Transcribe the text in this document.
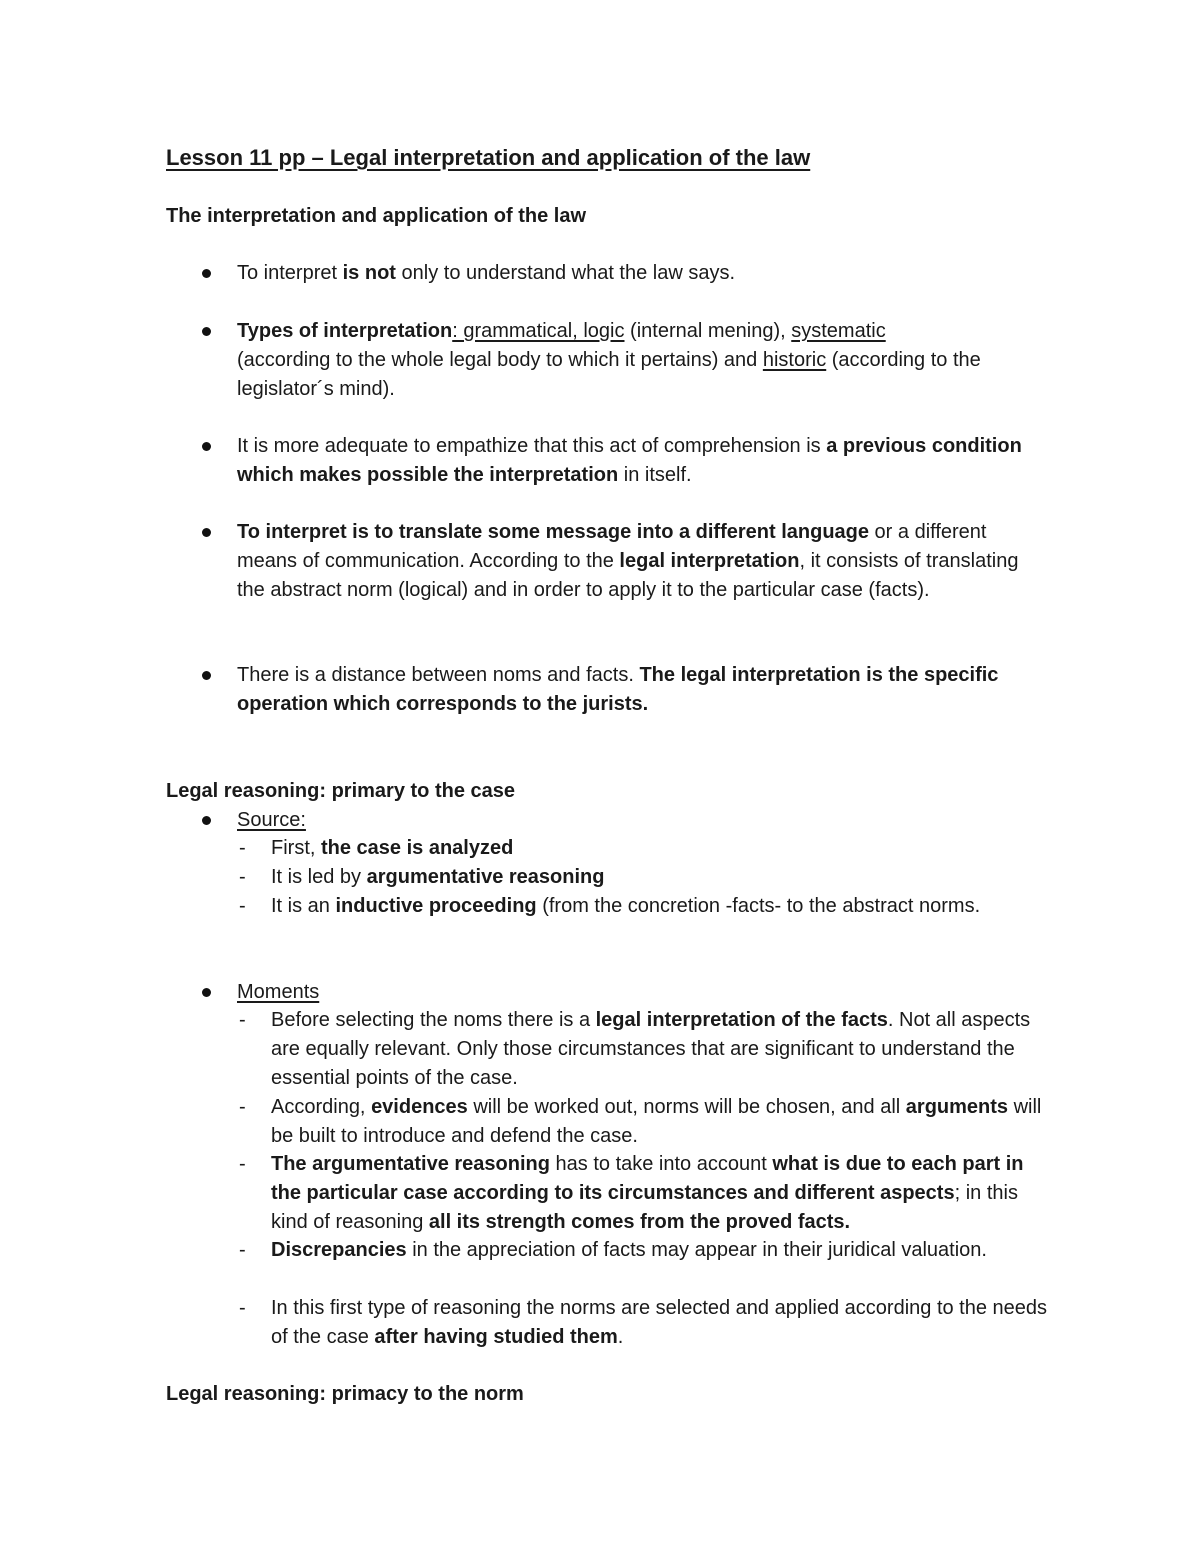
Lesson 11 pp – Legal interpretation and application of the law
The interpretation and application of the law
To interpret is not only to understand what the law says.
Types of interpretation: grammatical, logic (internal mening), systematic
(according to the whole legal body to which it pertains) and historic (according to the legislator´s mind).
It is more adequate to empathize that this act of comprehension is a previous condition which makes possible the interpretation in itself.
To interpret is to translate some message into a different language or a different means of communication. According to the legal interpretation, it consists of translating the abstract norm (logical) and in order to apply it to the particular case (facts).
There is a distance between noms and facts. The legal interpretation is the specific operation which corresponds to the jurists.
Legal reasoning: primary to the case
Source:
- First, the case is analyzed
- It is led by argumentative reasoning
- It is an inductive proceeding (from the concretion -facts- to the abstract norms.
Moments
- Before selecting the noms there is a legal interpretation of the facts. Not all aspects are equally relevant. Only those circumstances that are significant to understand the essential points of the case.
- According, evidences will be worked out, norms will be chosen, and all arguments will be built to introduce and defend the case.
- The argumentative reasoning has to take into account what is due to each part in the particular case according to its circumstances and different aspects; in this kind of reasoning all its strength comes from the proved facts.
- Discrepancies in the appreciation of facts may appear in their juridical valuation.
- In this first type of reasoning the norms are selected and applied according to the needs of the case after having studied them.
Legal reasoning: primacy to the norm
